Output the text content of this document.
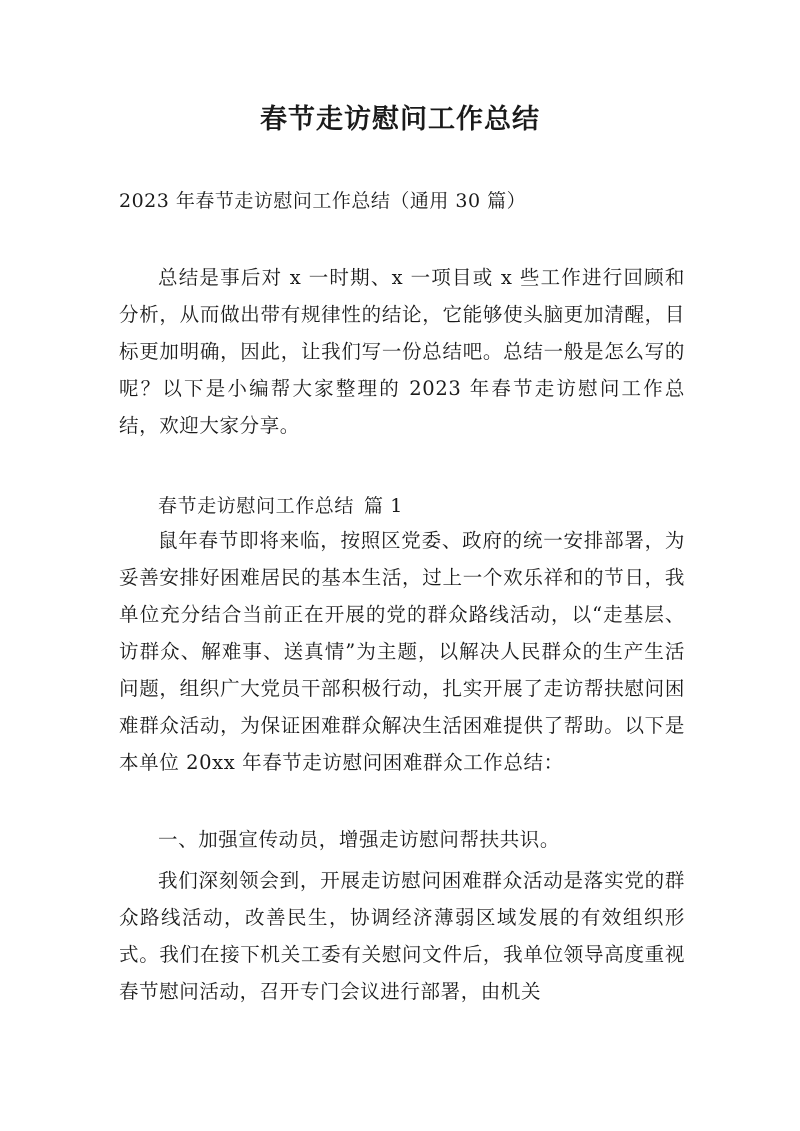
春节走访慰问工作总结

2023 年春节走访慰问工作总结（通用 30 篇）

总结是事后对 x 一时期、x 一项目或 x 些工作进行回顾和分析，从而做出带有规律性的结论，它能够使头脑更加清醒，目标更加明确，因此，让我们写一份总结吧。总结一般是怎么写的呢？以下是小编帮大家整理的 2023 年春节走访慰问工作总结，欢迎大家分享。

春节走访慰问工作总结 篇 1

鼠年春节即将来临，按照区党委、政府的统一安排部署，为妥善安排好困难居民的基本生活，过上一个欢乐祥和的节日，我单位充分结合当前正在开展的党的群众路线活动，以“走基层、访群众、解难事、送真情”为主题，以解决人民群众的生产生活问题，组织广大党员干部积极行动，扎实开展了走访帮扶慰问困难群众活动，为保证困难群众解决生活困难提供了帮助。以下是本单位 20xx 年春节走访慰问困难群众工作总结：

一、加强宣传动员，增强走访慰问帮扶共识。

我们深刻领会到，开展走访慰问困难群众活动是落实党的群众路线活动，改善民生，协调经济薄弱区域发展的有效组织形式。我们在接下机关工委有关慰问文件后，我单位领导高度重视春节慰问活动，召开专门会议进行部署，由机关
